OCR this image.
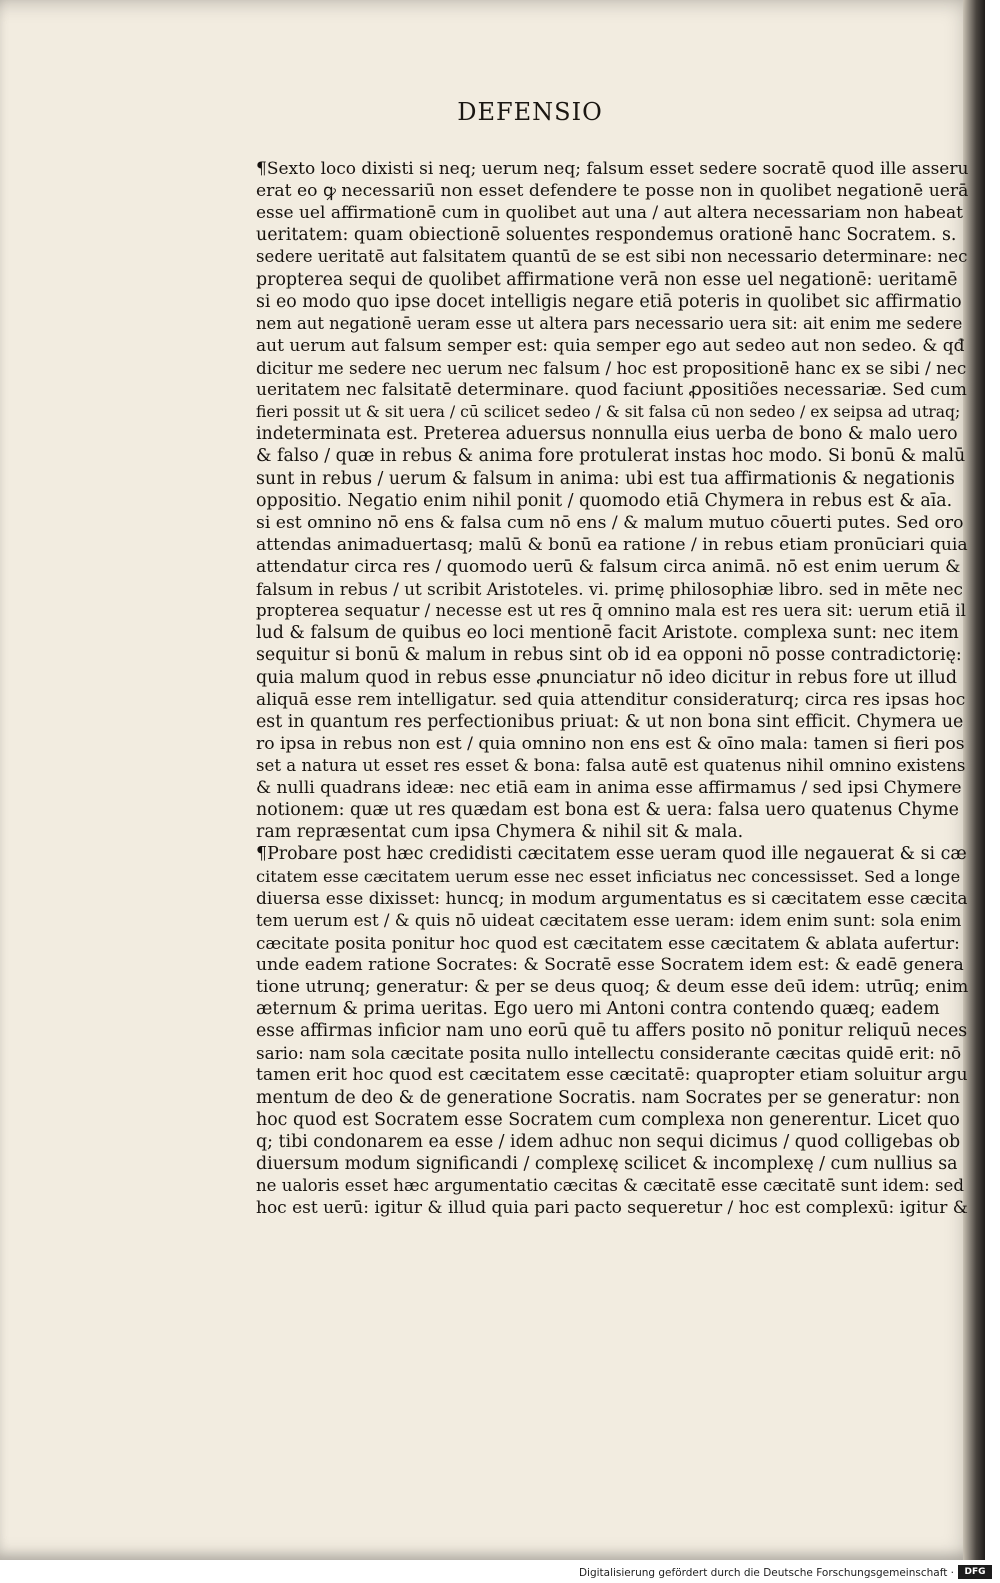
DEFENSIO
¶Sexto loco dixisti si neq; uerum neq; falsum esset sedere socratē quod ille asseru
erat eo ꝙ necessariū non esset defendere te posse non in quolibet negationē uerā
esse uel affirmationē cum in quolibet aut una / aut altera necessariam non habeat
ueritatem: quam obiectionē soluentes respondemus orationē hanc Socratem. s.
sedere ueritatē aut falsitatem quantū de se est sibi non necessario determinare: nec
propterea sequi de quolibet affirmatione verā non esse uel negationē: ueritamē
si eo modo quo ipse docet intelligis negare etiā poteris in quolibet sic affirmatio
nem aut negationē ueram esse ut altera pars necessario uera sit: ait enim me sedere
aut uerum aut falsum semper est: quia semper ego aut sedeo aut non sedeo. & qđ
dicitur me sedere nec uerum nec falsum / hoc est propositionē hanc ex se sibi / nec
ueritatem nec falsitatē determinare. quod faciunt ꝓpositiões necessariæ. Sed cum
fieri possit ut & sit uera / cū scilicet sedeo / & sit falsa cū non sedeo / ex seipsa ad utraq;
indeterminata est. Preterea aduersus nonnulla eius uerba de bono & malo uero
& falso / quæ in rebus & anima fore protulerat instas hoc modo. Si bonū & malū
sunt in rebus / uerum & falsum in anima: ubi est tua affirmationis & negationis
oppositio. Negatio enim nihil ponit / quomodo etiā Chymera in rebus est & aīa.
si est omnino nō ens & falsa cum nō ens / & malum mutuo cōuerti putes. Sed oro
attendas animaduertasq; malū & bonū ea ratione / in rebus etiam pronūciari quia
attendatur circa res / quomodo uerū & falsum circa animā. nō est enim uerum &
falsum in rebus / ut scribit Aristoteles. vi. primę philosophiæ libro. sed in mēte nec
propterea sequatur / necesse est ut res q̄ omnino mala est res uera sit: uerum etiā il
lud & falsum de quibus eo loci mentionē facit Aristote. complexa sunt: nec item
sequitur si bonū & malum in rebus sint ob id ea opponi nō posse contradictorię:
quia malum quod in rebus esse ꝓnunciatur nō ideo dicitur in rebus fore ut illud
aliquā esse rem intelligatur. sed quia attenditur consideraturq; circa res ipsas hoc
est in quantum res perfectionibus priuat: & ut non bona sint efficit. Chymera ue
ro ipsa in rebus non est / quia omnino non ens est & oīno mala: tamen si fieri pos
set a natura ut esset res esset & bona: falsa autē est quatenus nihil omnino existens
& nulli quadrans ideæ: nec etiā eam in anima esse affirmamus / sed ipsi Chymere
notionem: quæ ut res quædam est bona est & uera: falsa uero quatenus Chyme
ram repræsentat cum ipsa Chymera & nihil sit & mala.
¶Probare post hæc credidisti cæcitatem esse ueram quod ille negauerat & si cæ
citatem esse cæcitatem uerum esse nec esset inficiatus nec concessisset. Sed a longe
diuersa esse dixisset: huncq; in modum argumentatus es si cæcitatem esse cæcita
tem uerum est / & quis nō uideat cæcitatem esse ueram: idem enim sunt: sola enim
cæcitate posita ponitur hoc quod est cæcitatem esse cæcitatem & ablata aufertur:
unde eadem ratione Socrates: & Socratē esse Socratem idem est: & eadē genera
tione utrunq; generatur: & per se deus quoq; & deum esse deū idem: utrūq; enim
æternum & prima ueritas. Ego uero mi Antoni contra contendo quæq; eadem
esse affirmas inficior nam uno eorū quē tu affers posito nō ponitur reliquū neces
sario: nam sola cæcitate posita nullo intellectu considerante cæcitas quidē erit: nō
tamen erit hoc quod est cæcitatem esse cæcitatē: quapropter etiam soluitur argu
mentum de deo & de generatione Socratis. nam Socrates per se generatur: non
hoc quod est Socratem esse Socratem cum complexa non generentur. Licet quo
q; tibi condonarem ea esse / idem adhuc non sequi dicimus / quod colligebas ob
diuersum modum significandi / complexę scilicet & incomplexę / cum nullius sa
ne ualoris esset hæc argumentatio cæcitas & cæcitatē esse cæcitatē sunt idem: sed
hoc est uerū: igitur & illud quia pari pacto sequeretur / hoc est complexū: igitur &
Digitalisierung gefördert durch die Deutsche Forschungsgemeinschaft ·	DFG
